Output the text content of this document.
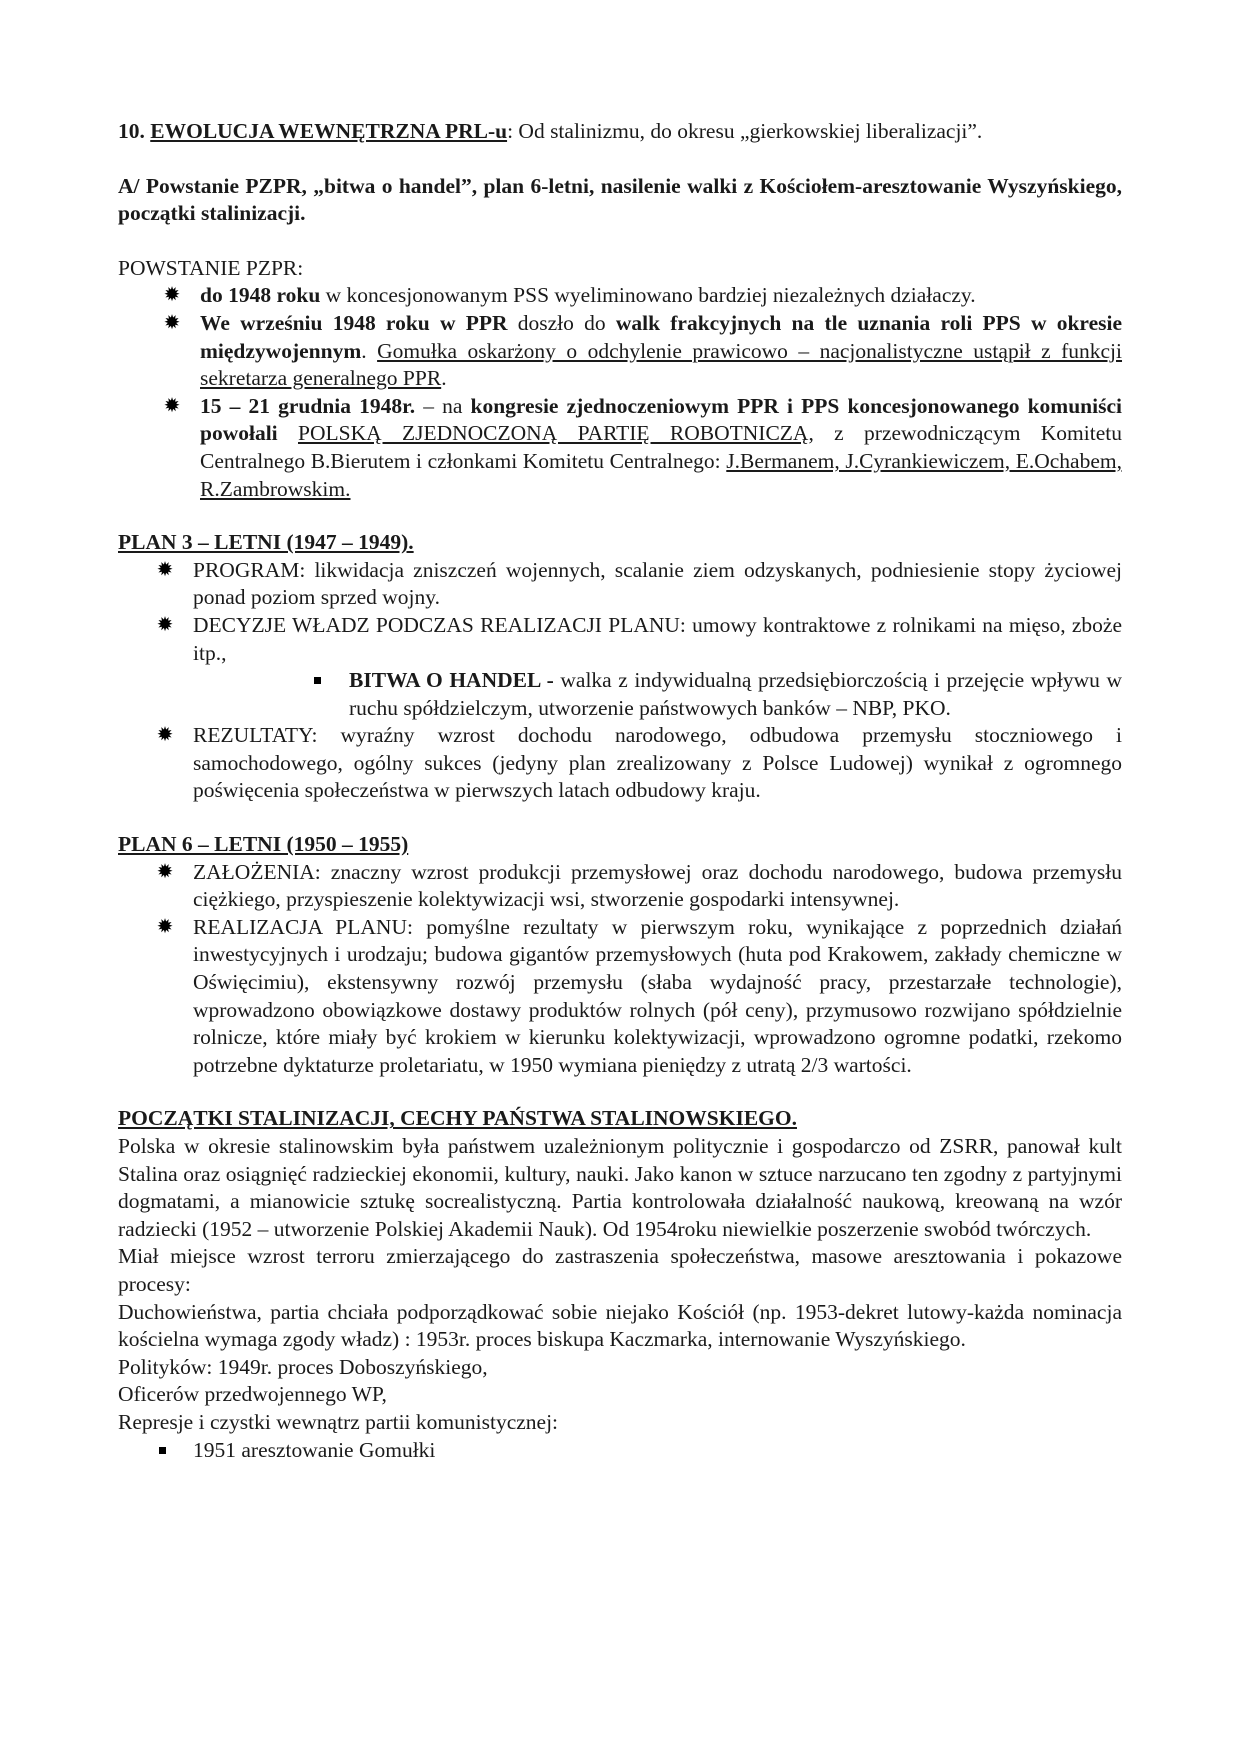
10. EWOLUCJA WEWNĘTRZNA PRL-u: Od stalinizmu, do okresu „gierkowskiej liberalizacji”.

A/ Powstanie PZPR, „bitwa o handel”, plan 6-letni, nasilenie walki z Kościołem-aresztowanie Wyszyńskiego, początki stalinizacji.

POWSTANIE PZPR:

✹ do 1948 roku w koncesjonowanym PSS wyeliminowano bardziej niezależnych działaczy.
✹ We wrześniu 1948 roku w PPR doszło do walk frakcyjnych na tle uznania roli PPS w okresie międzywojennym. Gomułka oskarżony o odchylenie prawicowo – nacjonalistyczne ustąpił z funkcji sekretarza generalnego PPR.
✹ 15 – 21 grudnia 1948r. – na kongresie zjednoczeniowym PPR i PPS koncesjonowanego komuniści powołali POLSKĄ ZJEDNOCZONĄ PARTIĘ ROBOTNICZĄ, z przewodniczącym Komitetu Centralnego B.Bierutem i członkami Komitetu Centralnego: J.Bermanem, J.Cyrankiewiczem, E.Ochabem, R.Zambrowskim.

PLAN 3 – LETNI (1947 – 1949).

✹ PROGRAM: likwidacja zniszczeń wojennych, scalanie ziem odzyskanych, podniesienie stopy życiowej ponad poziom sprzed wojny.
✹ DECYZJE WŁADZ PODCZAS REALIZACJI PLANU: umowy kontraktowe z rolnikami na mięso, zboże itp.,
BITWA O HANDEL - walka z indywidualną przedsiębiorczością i przejęcie wpływu w ruchu spółdzielczym, utworzenie państwowych banków – NBP, PKO.
✹ REZULTATY: wyraźny wzrost dochodu narodowego, odbudowa przemysłu stoczniowego i samochodowego, ogólny sukces (jedyny plan zrealizowany z Polsce Ludowej) wynikał z ogromnego poświęcenia społeczeństwa w pierwszych latach odbudowy kraju.

PLAN 6 – LETNI (1950 – 1955)

✹ ZAŁOŻENIA: znaczny wzrost produkcji przemysłowej oraz dochodu narodowego, budowa przemysłu ciężkiego, przyspieszenie kolektywizacji wsi, stworzenie gospodarki intensywnej.
✹ REALIZACJA PLANU: pomyślne rezultaty w pierwszym roku, wynikające z poprzednich działań inwestycyjnych i urodzaju; budowa gigantów przemysłowych (huta pod Krakowem, zakłady chemiczne w Oświęcimiu), ekstensywny rozwój przemysłu (słaba wydajność pracy, przestarzałe technologie), wprowadzono obowiązkowe dostawy produktów rolnych (pół ceny), przymusowo rozwijano spółdzielnie rolnicze, które miały być krokiem w kierunku kolektywizacji, wprowadzono ogromne podatki, rzekomo potrzebne dyktaturze proletariatu, w 1950 wymiana pieniędzy z utratą 2/3 wartości.

POCZĄTKI STALINIZACJI, CECHY PAŃSTWA STALINOWSKIEGO.

Polska w okresie stalinowskim była państwem uzależnionym politycznie i gospodarczo od ZSRR, panował kult Stalina oraz osiągnięć radzieckiej ekonomii, kultury, nauki. Jako kanon w sztuce narzucano ten zgodny z partyjnymi dogmatami, a mianowicie sztukę socrealistyczną. Partia kontrolowała działalność naukową, kreowaną na wzór radziecki (1952 – utworzenie Polskiej Akademii Nauk). Od 1954roku niewielkie poszerzenie swobód twórczych.

Miał miejsce wzrost terroru zmierzającego do zastraszenia społeczeństwa, masowe aresztowania i pokazowe procesy:

Duchowieństwa, partia chciała podporządkować sobie niejako Kościół (np. 1953-dekret lutowy-każda nominacja kościelna wymaga zgody władz) : 1953r. proces biskupa Kaczmarka, internowanie Wyszyńskiego.

Polityków: 1949r. proces Doboszyńskiego,

Oficerów przedwojennego WP,

Represje i czystki wewnątrz partii komunistycznej:

1951 aresztowanie Gomułki
